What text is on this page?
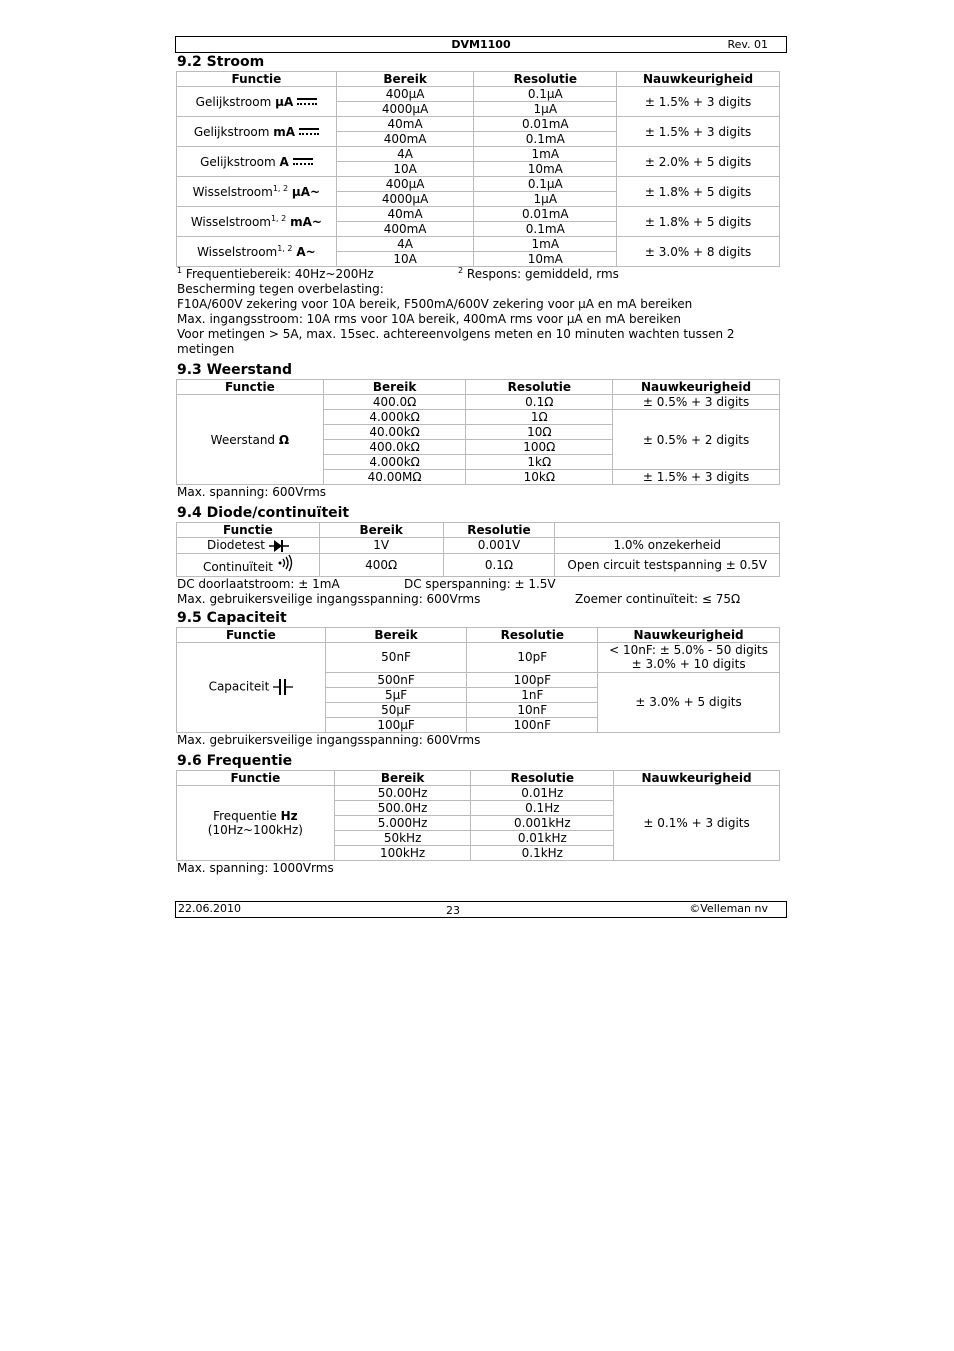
DVM1100	Rev. 01
9.2 Stroom
Functie	Bereik	Resolutie	Nauwkeurigheid
Gelijkstroom µA	400µA	0.1µA	± 1.5% + 3 digits
	4000µA	1µA	
Gelijkstroom mA	40mA	0.01mA	± 1.5% + 3 digits
	400mA	0.1mA	
Gelijkstroom A	4A	1mA	± 2.0% + 5 digits
	10A	10mA	
Wisselstroom$^{1, 2}$ µA~	400µA	0.1µA	± 1.8% + 5 digits
	4000µA	1µA	
Wisselstroom$^{1, 2}$ mA~	40mA	0.01mA	± 1.8% + 5 digits
	400mA	0.1mA	
Wisselstroom$^{1, 2}$ A~	4A	1mA	± 3.0% + 8 digits
	10A	10mA	
$^1$ Frequentiebereik: 40Hz~200Hz	$^2$ Respons: gemiddeld, rms
Bescherming tegen overbelasting:
F10A/600V zekering voor 10A bereik, F500mA/600V zekering voor µA en mA bereiken
Max. ingangsstroom: 10A rms voor 10A bereik, 400mA rms voor µA en mA bereiken
Voor metingen > 5A, max. 15sec. achtereenvolgens meten en 10 minuten wachten tussen 2 metingen
9.3 Weerstand
Functie	Bereik	Resolutie	Nauwkeurigheid
Weerstand Ω	400.0Ω	0.1Ω	± 0.5% + 3 digits
	4.000kΩ	1Ω	± 0.5% + 2 digits
	40.00kΩ	10Ω	
	400.0kΩ	100Ω	
	4.000kΩ	1kΩ	
	40.00MΩ	10kΩ	± 1.5% + 3 digits
Max. spanning: 600Vrms
9.4 Diode/continuïteit
Functie	Bereik	Resolutie	
Diodetest	1V	0.001V	1.0% onzekerheid
Continuïteit	400Ω	0.1Ω	Open circuit testspanning ± 0.5V
DC doorlaatstroom: ± 1mA	DC sperspanning: ± 1.5V
Max. gebruikersveilige ingangsspanning: 600Vrms	Zoemer continuïteit: ≤ 75Ω
9.5 Capaciteit
Functie	Bereik	Resolutie	Nauwkeurigheid
Capaciteit	50nF	10pF	< 10nF: ± 5.0% - 50 digits
± 3.0% + 10 digits

	500nF	100pF	± 3.0% + 5 digits
	5µF	1nF	
	50µF	10nF	
	100µF	100nF	
Max. gebruikersveilige ingangsspanning: 600Vrms
9.6 Frequentie
Functie	Bereik	Resolutie	Nauwkeurigheid

Frequentie Hz
(10Hz~100kHz)	50.00Hz	0.01Hz	± 0.1% + 3 digits
	500.0Hz	0.1Hz	
	5.000Hz	0.001kHz	
	50kHz	0.01kHz	
	100kHz	0.1kHz	
Max. spanning: 1000Vrms
22.06.2010	23	©Velleman nv
